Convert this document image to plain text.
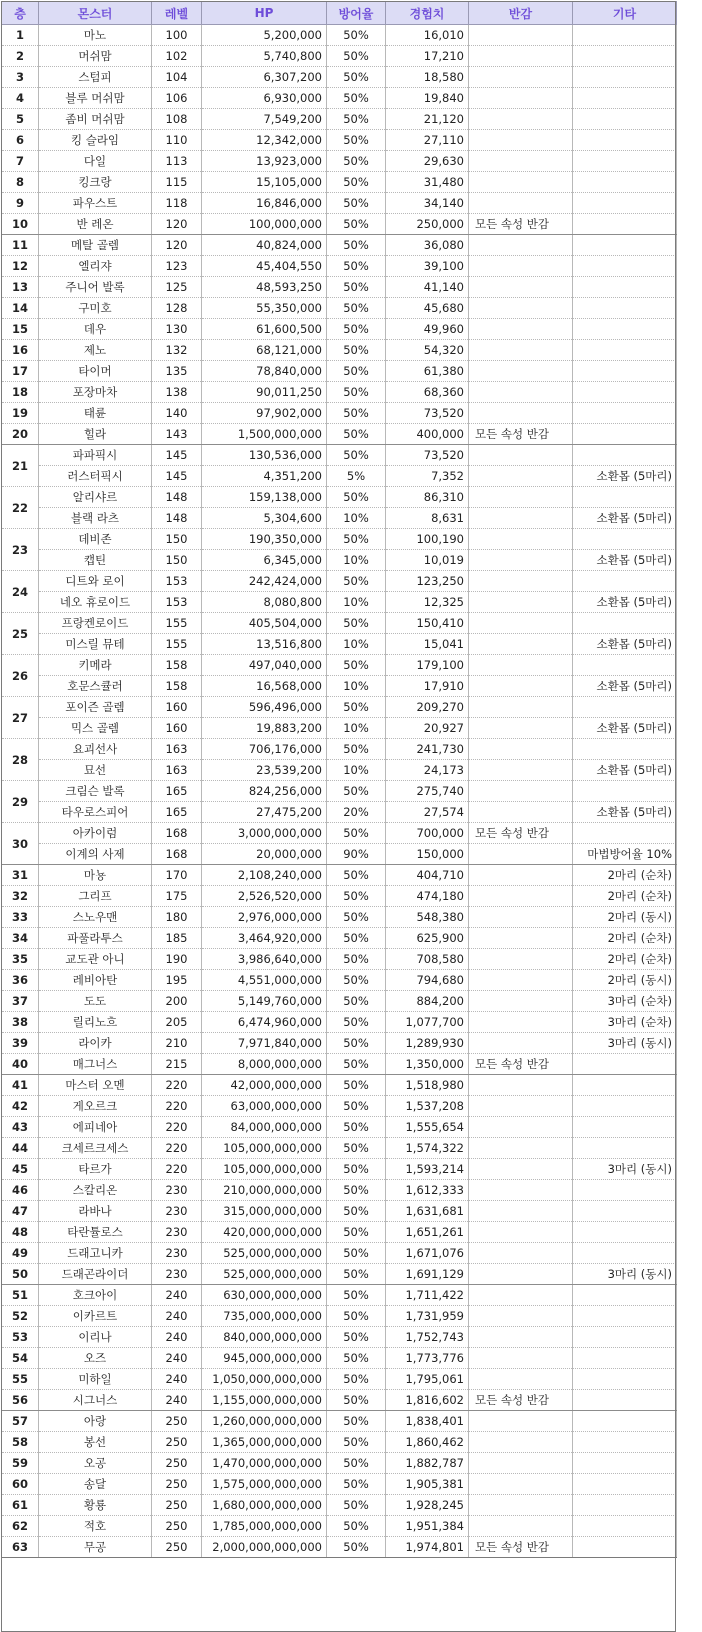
층	몬스터	레벨	HP	방어율	경험치	반감	기타
1	마노	100	5,200,000	50%	16,010		
2	머쉬맘	102	5,740,800	50%	17,210		
3	스텀피	104	6,307,200	50%	18,580		
4	블루 머쉬맘	106	6,930,000	50%	19,840		
5	좀비 머쉬맘	108	7,549,200	50%	21,120		
6	킹 슬라임	110	12,342,000	50%	27,110		
7	다일	113	13,923,000	50%	29,630		
8	킹크랑	115	15,105,000	50%	31,480		
9	파우스트	118	16,846,000	50%	34,140		
10	반 레온	120	100,000,000	50%	250,000	모든 속성 반감	
11	메탈 골렘	120	40,824,000	50%	36,080		
12	엘리쟈	123	45,404,550	50%	39,100		
13	주니어 발록	125	48,593,250	50%	41,140		
14	구미호	128	55,350,000	50%	45,680		
15	데우	130	61,600,500	50%	49,960		
16	제노	132	68,121,000	50%	54,320		
17	타이머	135	78,840,000	50%	61,380		
18	포장마차	138	90,011,250	50%	68,360		
19	태륜	140	97,902,000	50%	73,520		
20	힐라	143	1,500,000,000	50%	400,000	모든 속성 반감	
21	파파픽시	145	130,536,000	50%	73,520		
	러스터픽시	145	4,351,200	5%	7,352		소환몹 (5마리)
22	알리샤르	148	159,138,000	50%	86,310		
	블랙 라츠	148	5,304,600	10%	8,631		소환몹 (5마리)
23	데비존	150	190,350,000	50%	100,190		
	캡틴	150	6,345,000	10%	10,019		소환몹 (5마리)
24	디트와 로이	153	242,424,000	50%	123,250		
	네오 휴로이드	153	8,080,800	10%	12,325		소환몹 (5마리)
25	프랑켄로이드	155	405,504,000	50%	150,410		
	미스릴 뮤테	155	13,516,800	10%	15,041		소환몹 (5마리)
26	키메라	158	497,040,000	50%	179,100		
	호문스큘러	158	16,568,000	10%	17,910		소환몹 (5마리)
27	포이즌 골렘	160	596,496,000	50%	209,270		
	믹스 골렘	160	19,883,200	10%	20,927		소환몹 (5마리)
28	요괴선사	163	706,176,000	50%	241,730		
	묘선	163	23,539,200	10%	24,173		소환몹 (5마리)
29	크림슨 발록	165	824,256,000	50%	275,740		
	타우로스피어	165	27,475,200	20%	27,574		소환몹 (5마리)
30	아카이럼	168	3,000,000,000	50%	700,000	모든 속성 반감	
	이계의 사제	168	20,000,000	90%	150,000		마법방어율 10%
31	마뇽	170	2,108,240,000	50%	404,710		2마리 (순차)
32	그리프	175	2,526,520,000	50%	474,180		2마리 (순차)
33	스노우맨	180	2,976,000,000	50%	548,380		2마리 (동시)
34	파풀라투스	185	3,464,920,000	50%	625,900		2마리 (순차)
35	교도관 아니	190	3,986,640,000	50%	708,580		2마리 (순차)
36	레비아탄	195	4,551,000,000	50%	794,680		2마리 (동시)
37	도도	200	5,149,760,000	50%	884,200		3마리 (순차)
38	릴리노흐	205	6,474,960,000	50%	1,077,700		3마리 (순차)
39	라이카	210	7,971,840,000	50%	1,289,930		3마리 (동시)
40	매그너스	215	8,000,000,000	50%	1,350,000	모든 속성 반감	
41	마스터 오멘	220	42,000,000,000	50%	1,518,980		
42	게오르크	220	63,000,000,000	50%	1,537,208		
43	에피네아	220	84,000,000,000	50%	1,555,654		
44	크세르크세스	220	105,000,000,000	50%	1,574,322		
45	타르가	220	105,000,000,000	50%	1,593,214		3마리 (동시)
46	스칼리온	230	210,000,000,000	50%	1,612,333		
47	라바나	230	315,000,000,000	50%	1,631,681		
48	타란튤로스	230	420,000,000,000	50%	1,651,261		
49	드래고니카	230	525,000,000,000	50%	1,671,076		
50	드래곤라이더	230	525,000,000,000	50%	1,691,129		3마리 (동시)
51	호크아이	240	630,000,000,000	50%	1,711,422		
52	이카르트	240	735,000,000,000	50%	1,731,959		
53	이리나	240	840,000,000,000	50%	1,752,743		
54	오즈	240	945,000,000,000	50%	1,773,776		
55	미하일	240	1,050,000,000,000	50%	1,795,061		
56	시그너스	240	1,155,000,000,000	50%	1,816,602	모든 속성 반감	
57	아랑	250	1,260,000,000,000	50%	1,838,401		
58	봉선	250	1,365,000,000,000	50%	1,860,462		
59	오공	250	1,470,000,000,000	50%	1,882,787		
60	송달	250	1,575,000,000,000	50%	1,905,381		
61	황룡	250	1,680,000,000,000	50%	1,928,245		
62	적호	250	1,785,000,000,000	50%	1,951,384		
63	무공	250	2,000,000,000,000	50%	1,974,801	모든 속성 반감	
